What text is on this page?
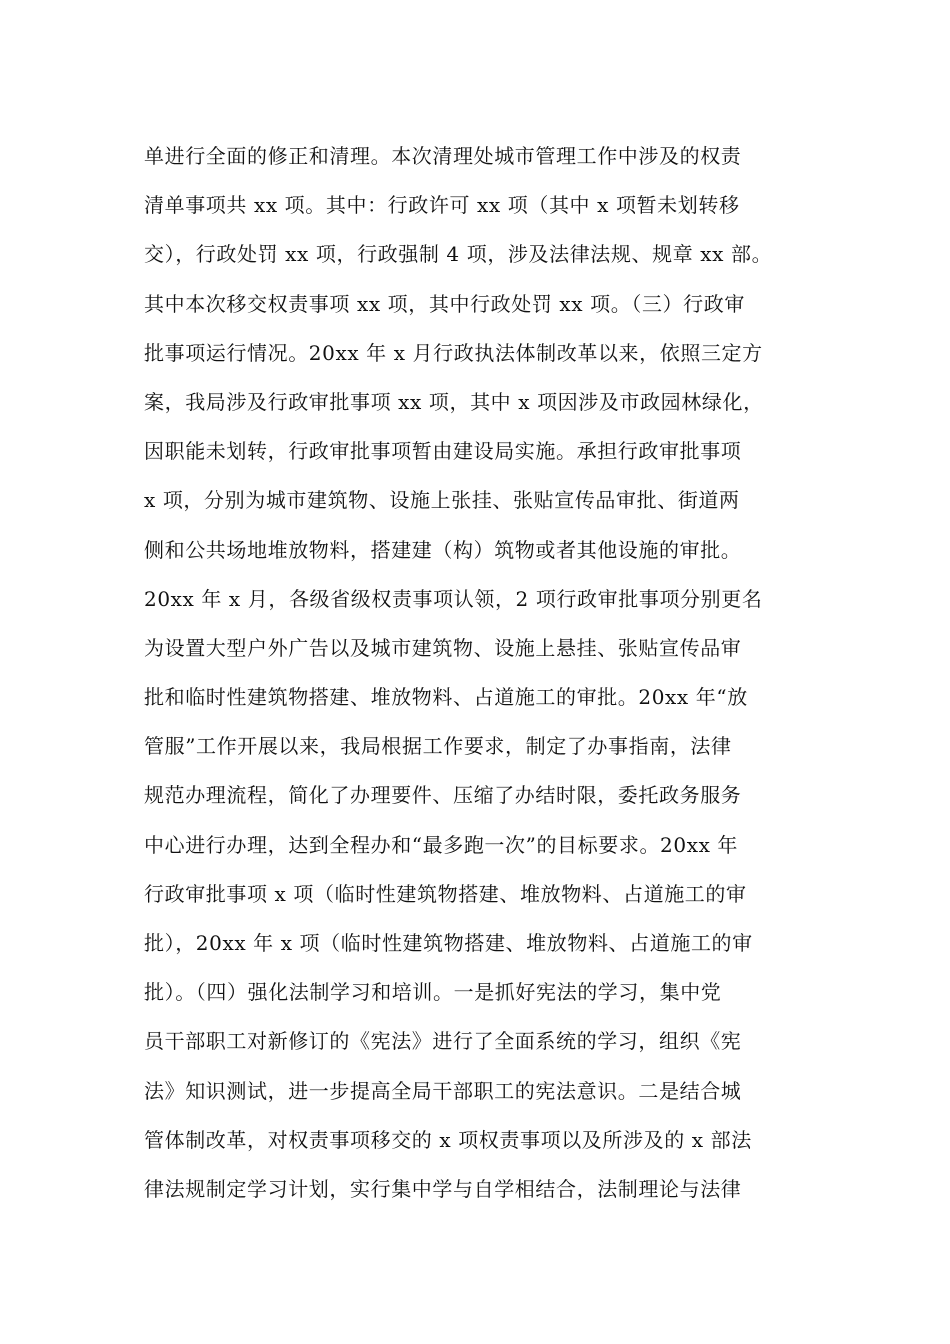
单进行全面的修正和清理。本次清理处城市管理工作中涉及的权责
清单事项共 xx 项。其中：行政许可 xx 项（其中 x 项暂未划转移
交），行政处罚 xx 项，行政强制 4 项，涉及法律法规、规章 xx 部。
其中本次移交权责事项 xx 项，其中行政处罚 xx 项。（三）行政审
批事项运行情况。20xx 年 x 月行政执法体制改革以来，依照三定方
案，我局涉及行政审批事项 xx 项，其中 x 项因涉及市政园林绿化，
因职能未划转，行政审批事项暂由建设局实施。承担行政审批事项
x 项，分别为城市建筑物、设施上张挂、张贴宣传品审批、街道两
侧和公共场地堆放物料，搭建建（构）筑物或者其他设施的审批。
20xx 年 x 月，各级省级权责事项认领，2 项行政审批事项分别更名
为设置大型户外广告以及城市建筑物、设施上悬挂、张贴宣传品审
批和临时性建筑物搭建、堆放物料、占道施工的审批。20xx 年“放
管服”工作开展以来，我局根据工作要求，制定了办事指南，法律
规范办理流程，简化了办理要件、压缩了办结时限，委托政务服务
中心进行办理，达到全程办和“最多跑一次”的目标要求。20xx 年
行政审批事项 x 项（临时性建筑物搭建、堆放物料、占道施工的审
批），20xx 年 x 项（临时性建筑物搭建、堆放物料、占道施工的审
批）。（四）强化法制学习和培训。一是抓好宪法的学习，集中党
员干部职工对新修订的《宪法》进行了全面系统的学习，组织《宪
法》知识测试，进一步提高全局干部职工的宪法意识。二是结合城
管体制改革，对权责事项移交的 x 项权责事项以及所涉及的 x 部法
律法规制定学习计划，实行集中学与自学相结合，法制理论与法律
